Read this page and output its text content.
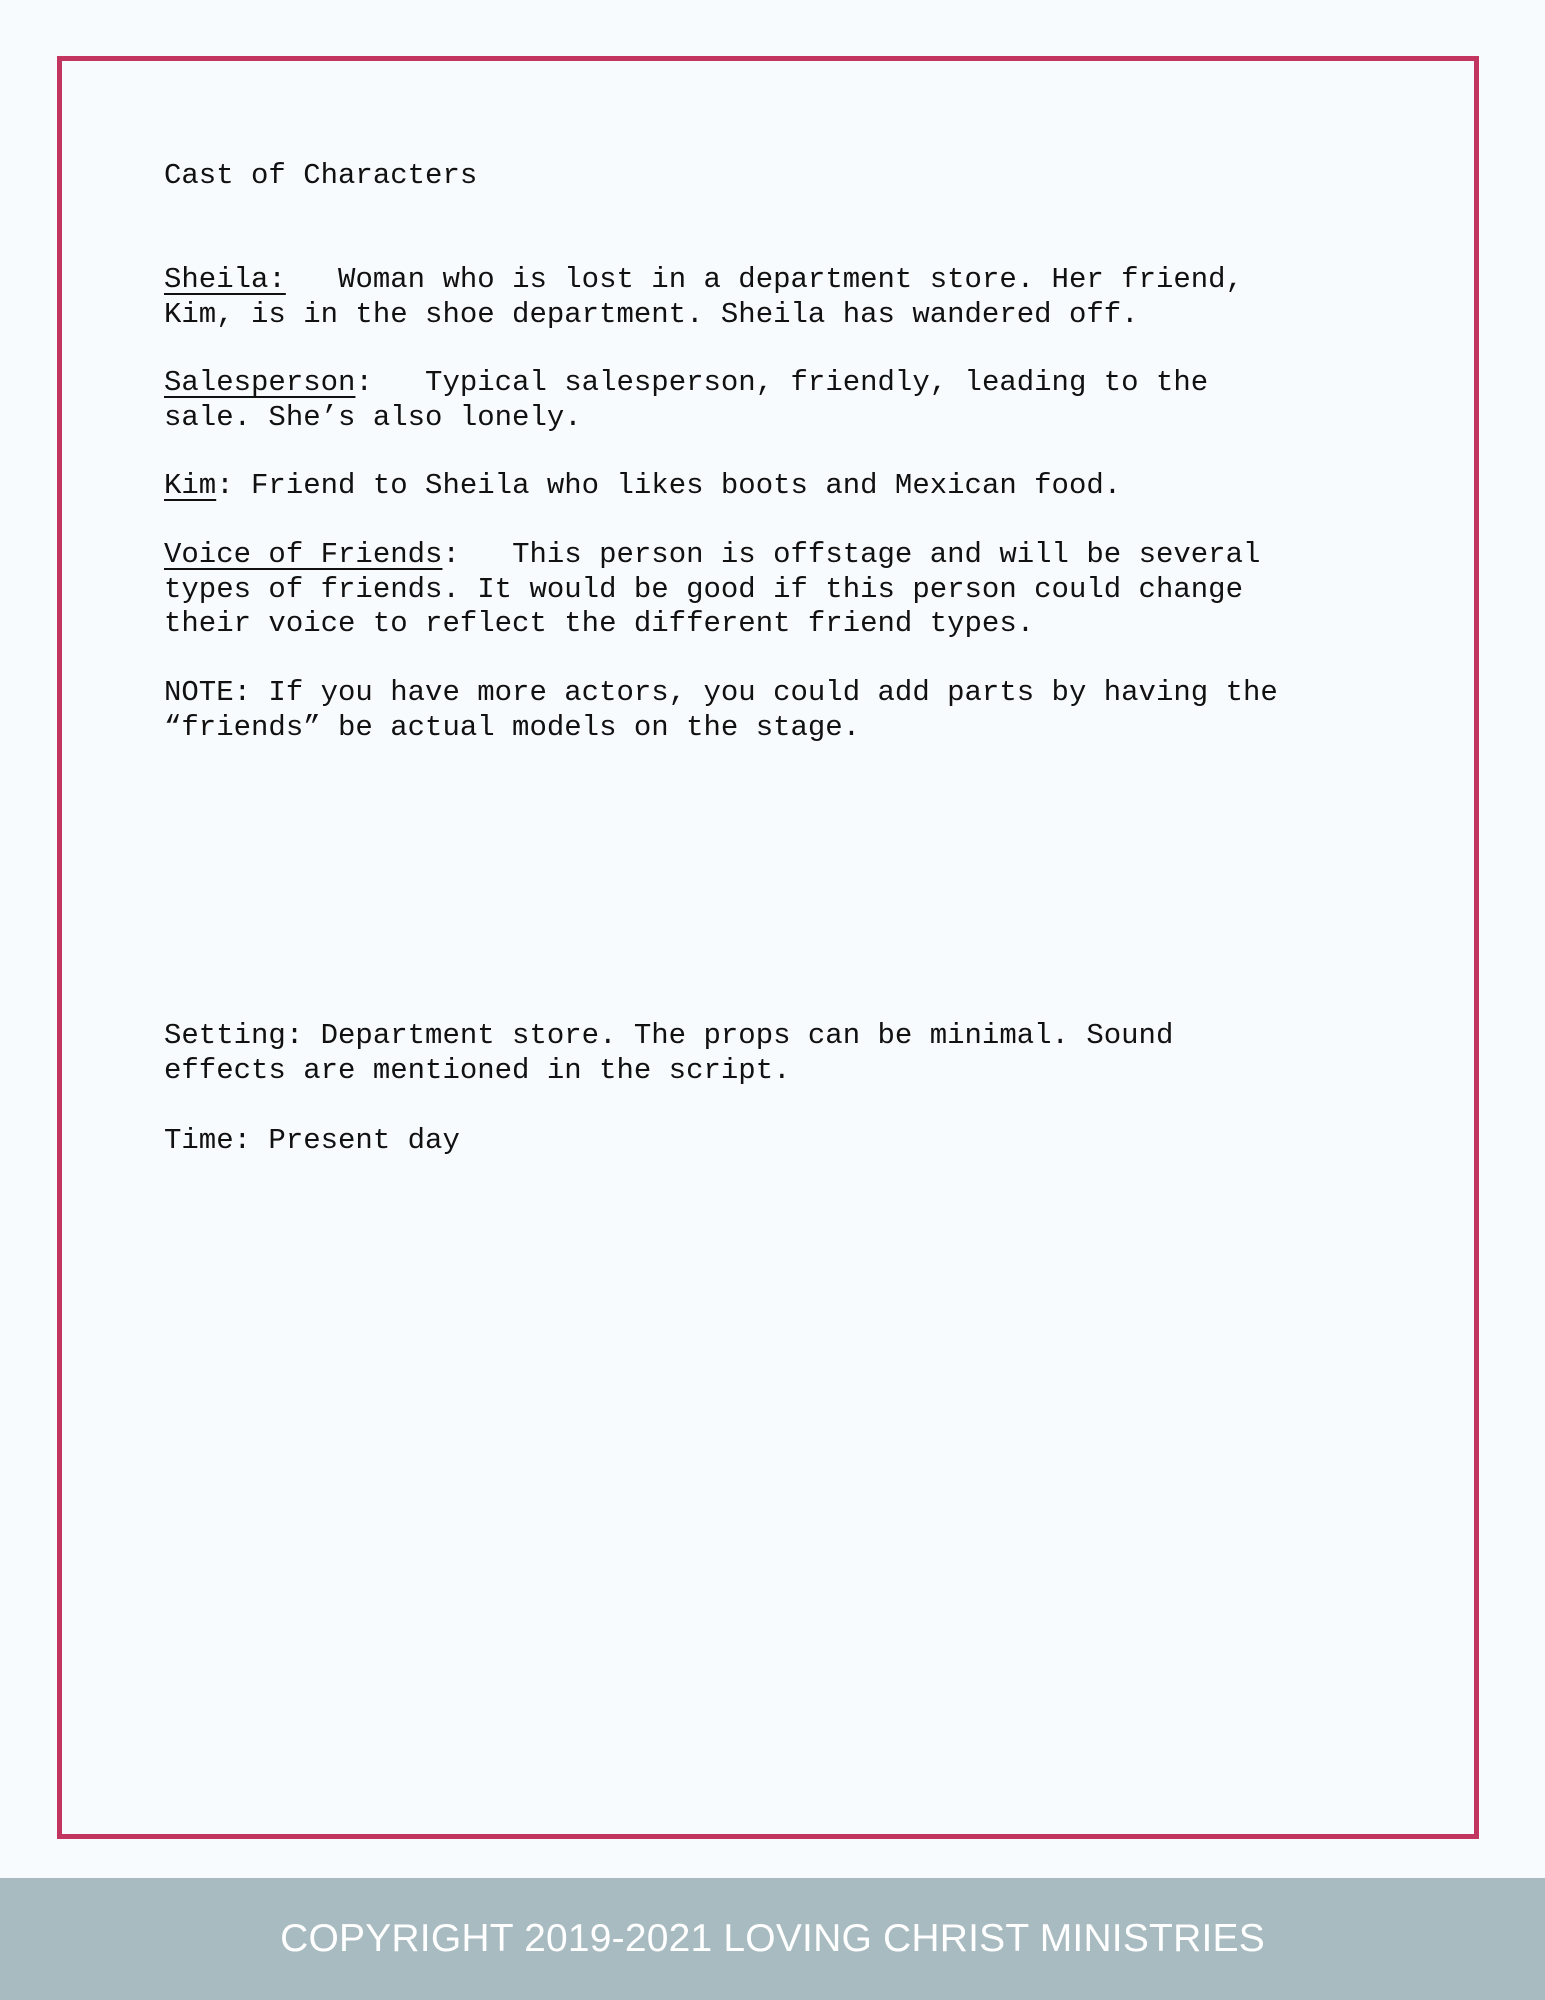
Cast of Characters
Sheila:   Woman who is lost in a department store. Her friend,
Kim, is in the shoe department. Sheila has wandered off.
Salesperson:   Typical salesperson, friendly, leading to the
sale. She’s also lonely.
Kim: Friend to Sheila who likes boots and Mexican food.
Voice of Friends:   This person is offstage and will be several
types of friends. It would be good if this person could change
their voice to reflect the different friend types.
NOTE: If you have more actors, you could add parts by having the
“friends” be actual models on the stage.
Setting: Department store. The props can be minimal. Sound
effects are mentioned in the script.
Time: Present day
COPYRIGHT 2019-2021 LOVING CHRIST MINISTRIES
